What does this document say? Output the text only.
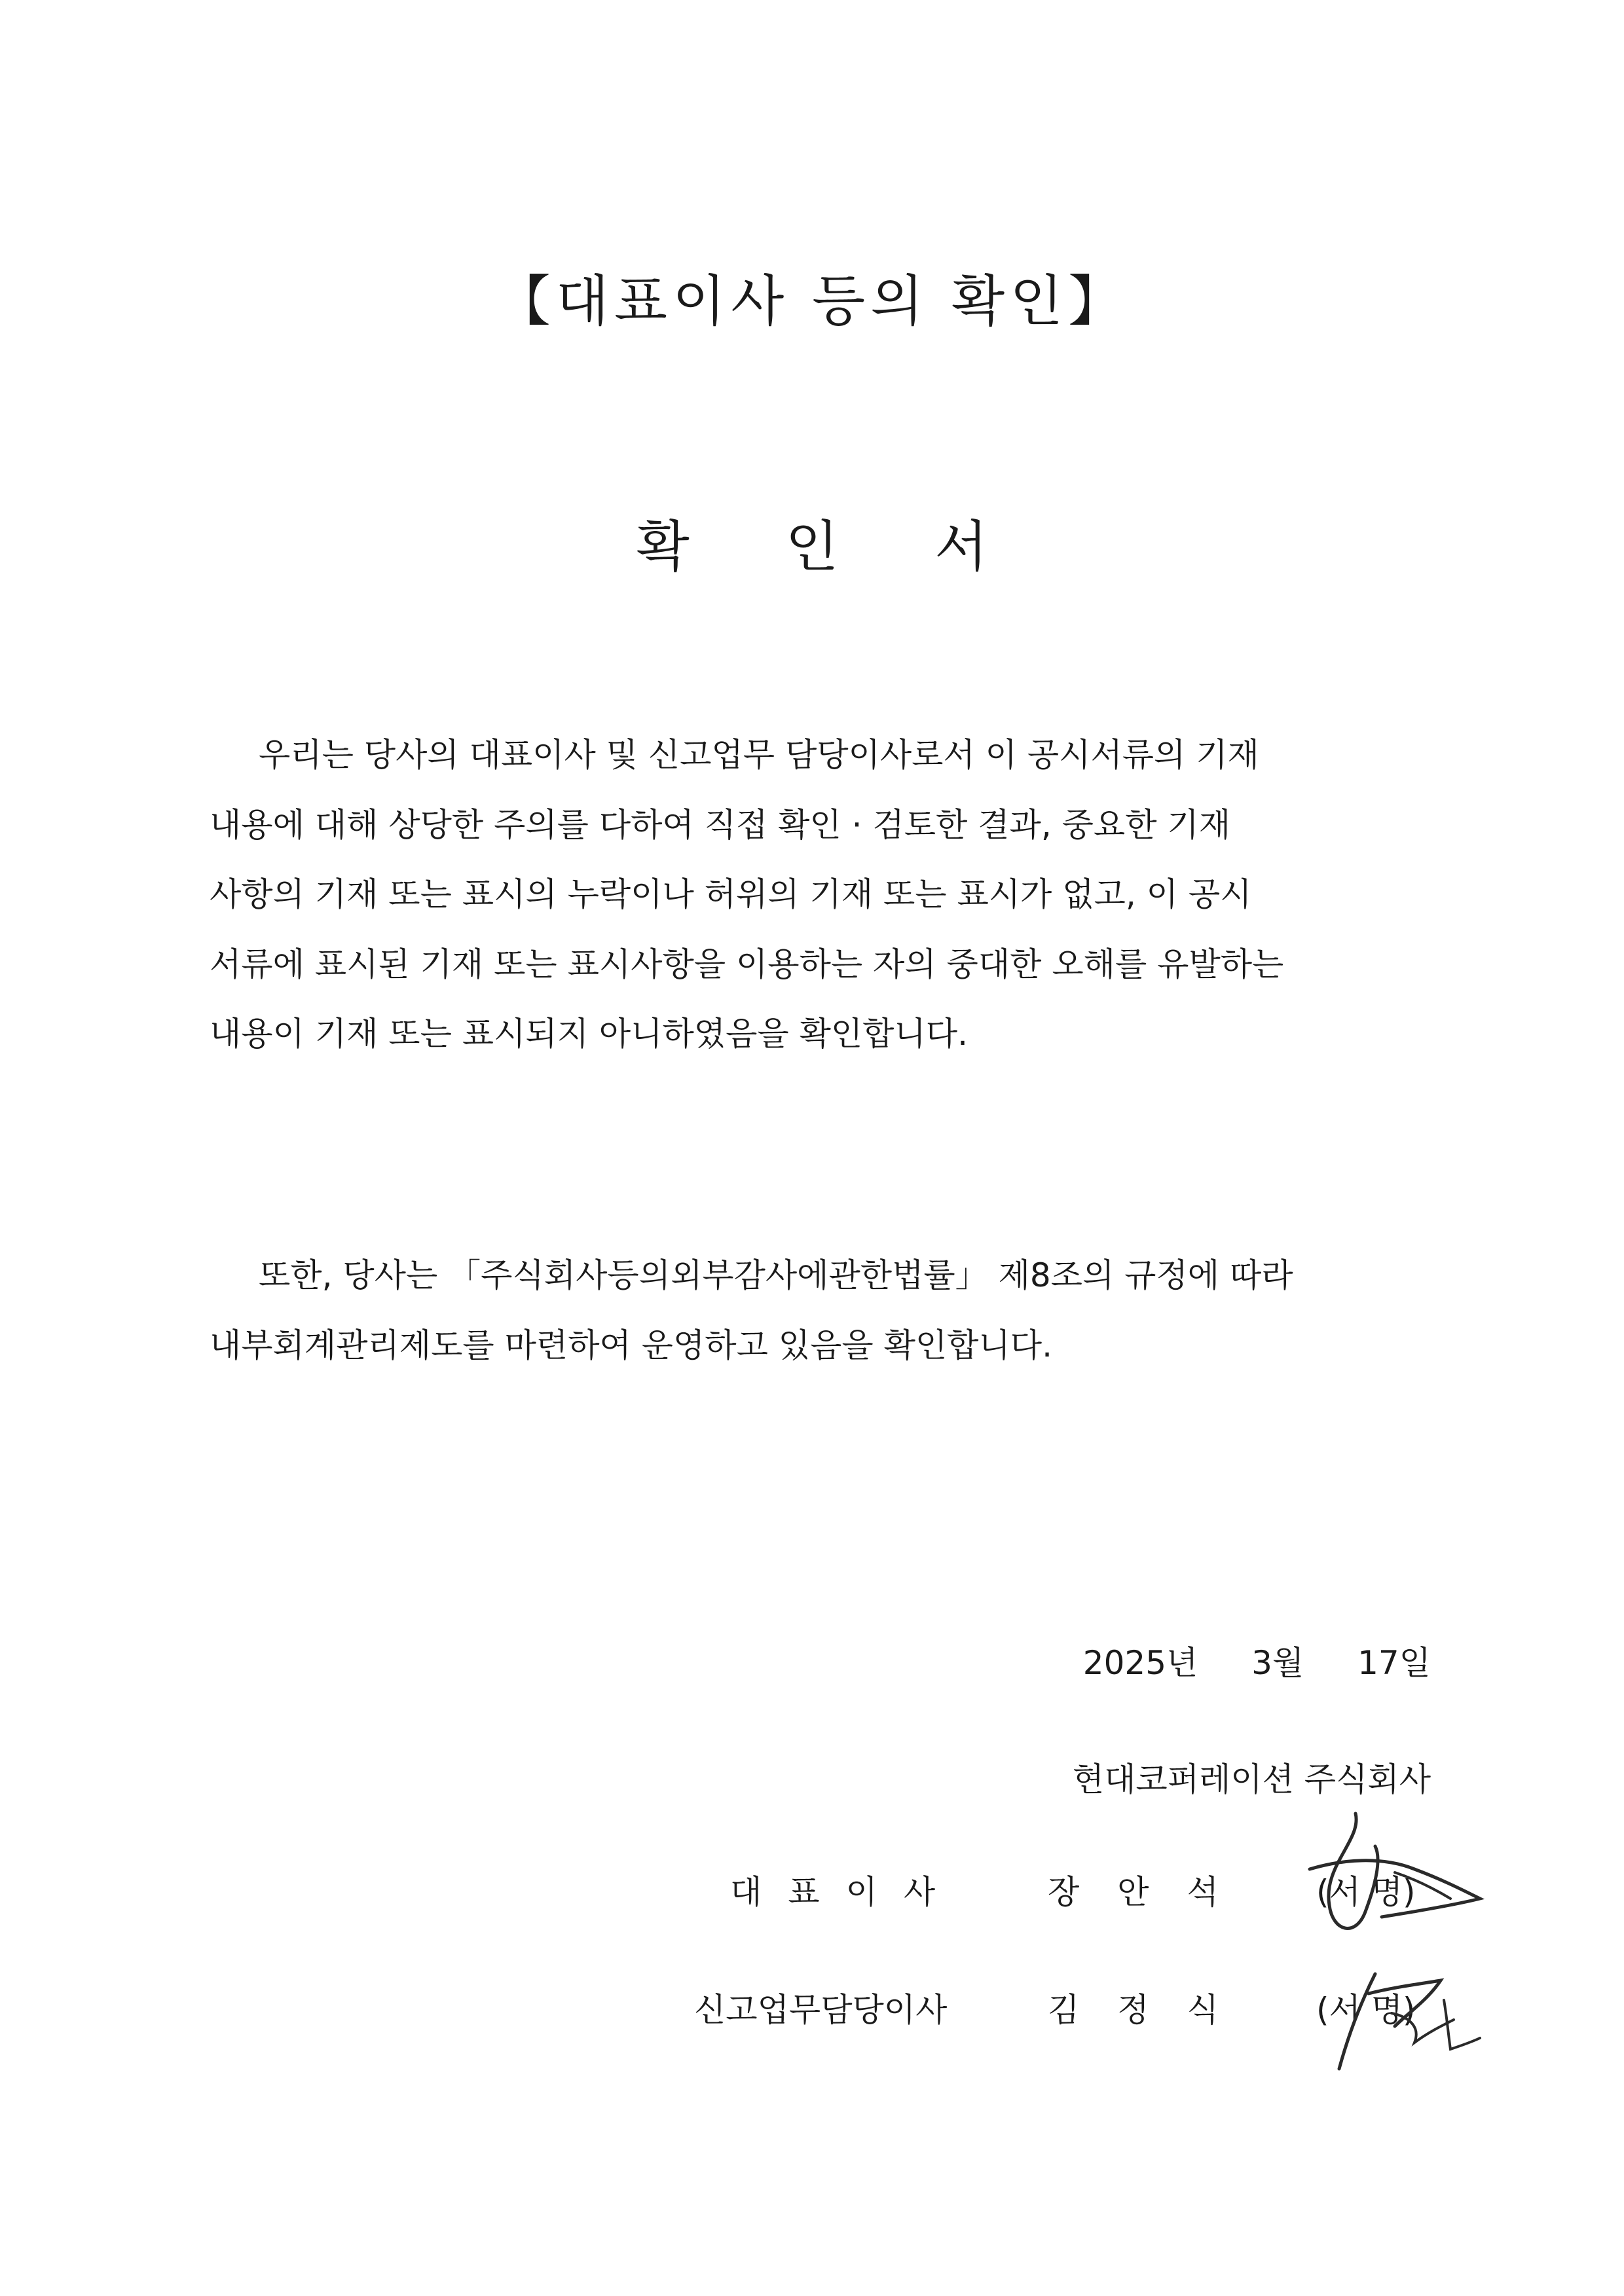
【대표이사 등의 확인】
확 인 서
우리는 당사의 대표이사 및 신고업무 담당이사로서 이 공시서류의 기재
내용에 대해 상당한 주의를 다하여 직접 확인 · 검토한 결과, 중요한 기재
사항의 기재 또는 표시의 누락이나 허위의 기재 또는 표시가 없고, 이 공시
서류에 표시된 기재 또는 표시사항을 이용하는 자의 중대한 오해를 유발하는
내용이 기재 또는 표시되지 아니하였음을 확인합니다.
또한, 당사는 「주식회사등의외부감사에관한법률」 제8조의 규정에 따라
내부회계관리제도를 마련하여 운영하고 있음을 확인합니다.
2025년 3월 17일
현대코퍼레이션 주식회사
대표이사	장안석 (서 명)
신고업무담당이사	김정식 (서 명)
